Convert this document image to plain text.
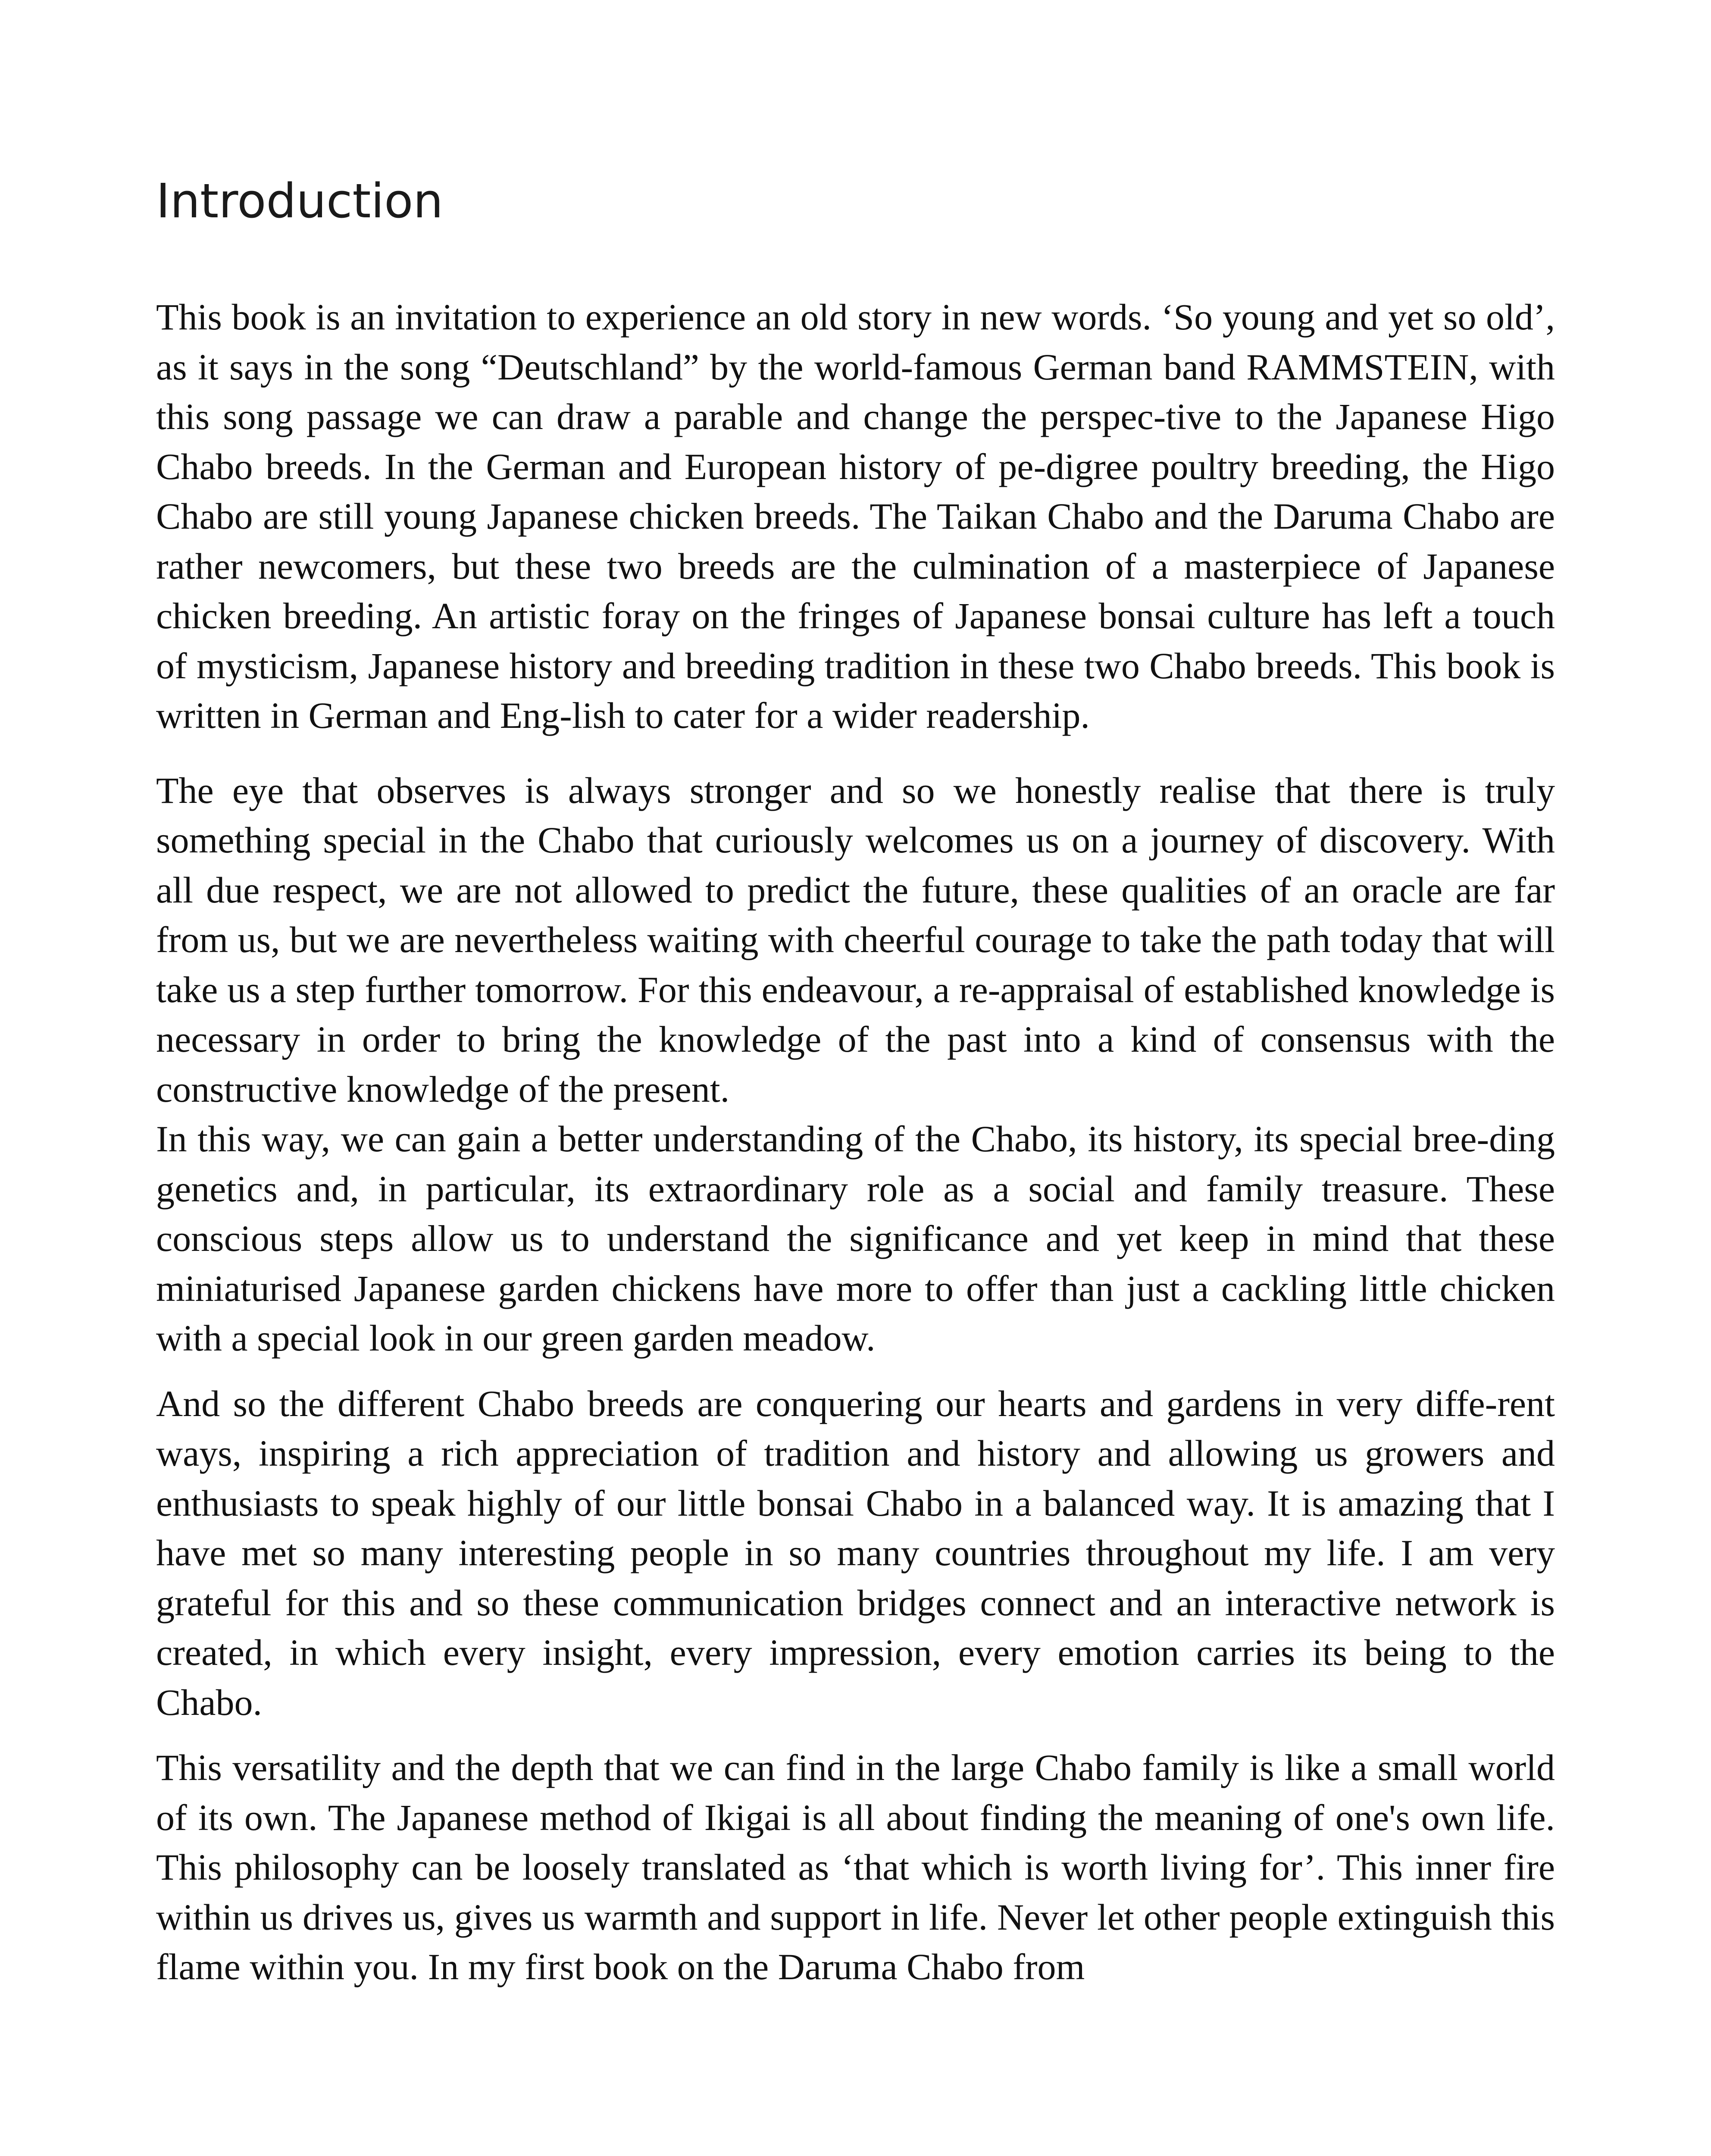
Introduction

This book is an invitation to experience an old story in new words. ‘So young and yet so old’, as it says in the song “Deutschland” by the world-famous German band RAMMSTEIN, with this song passage we can draw a parable and change the perspec-tive to the Japanese Higo Chabo breeds. In the German and European history of pe-digree poultry breeding, the Higo Chabo are still young Japanese chicken breeds. The Taikan Chabo and the Daruma Chabo are rather newcomers, but these two breeds are the culmination of a masterpiece of Japanese chicken breeding. An artistic foray on the fringes of Japanese bonsai culture has left a touch of mysticism, Japanese history and breeding tradition in these two Chabo breeds. This book is written in German and Eng-lish to cater for a wider readership.

The eye that observes is always stronger and so we honestly realise that there is truly something special in the Chabo that curiously welcomes us on a journey of discovery. With all due respect, we are not allowed to predict the future, these qualities of an oracle are far from us, but we are nevertheless waiting with cheerful courage to take the path today that will take us a step further tomorrow. For this endeavour, a re-appraisal of established knowledge is necessary in order to bring the knowledge of the past into a kind of consensus with the constructive knowledge of the present.

In this way, we can gain a better understanding of the Chabo, its history, its special bree-ding genetics and, in particular, its extraordinary role as a social and family treasure. These conscious steps allow us to understand the significance and yet keep in mind that these miniaturised Japanese garden chickens have more to offer than just a cackling little chicken with a special look in our green garden meadow.

And so the different Chabo breeds are conquering our hearts and gardens in very diffe-rent ways, inspiring a rich appreciation of tradition and history and allowing us growers and enthusiasts to speak highly of our little bonsai Chabo in a balanced way. It is amazing that I have met so many interesting people in so many countries throughout my life. I am very grateful for this and so these communication bridges connect and an interactive network is created, in which every insight, every impression, every emotion carries its being to the Chabo.

This versatility and the depth that we can find in the large Chabo family is like a small world of its own. The Japanese method of Ikigai is all about finding the meaning of one's own life. This philosophy can be loosely translated as ‘that which is worth living for’. This inner fire within us drives us, gives us warmth and support in life. Never let other people extinguish this flame within you. In my first book on the Daruma Chabo from
